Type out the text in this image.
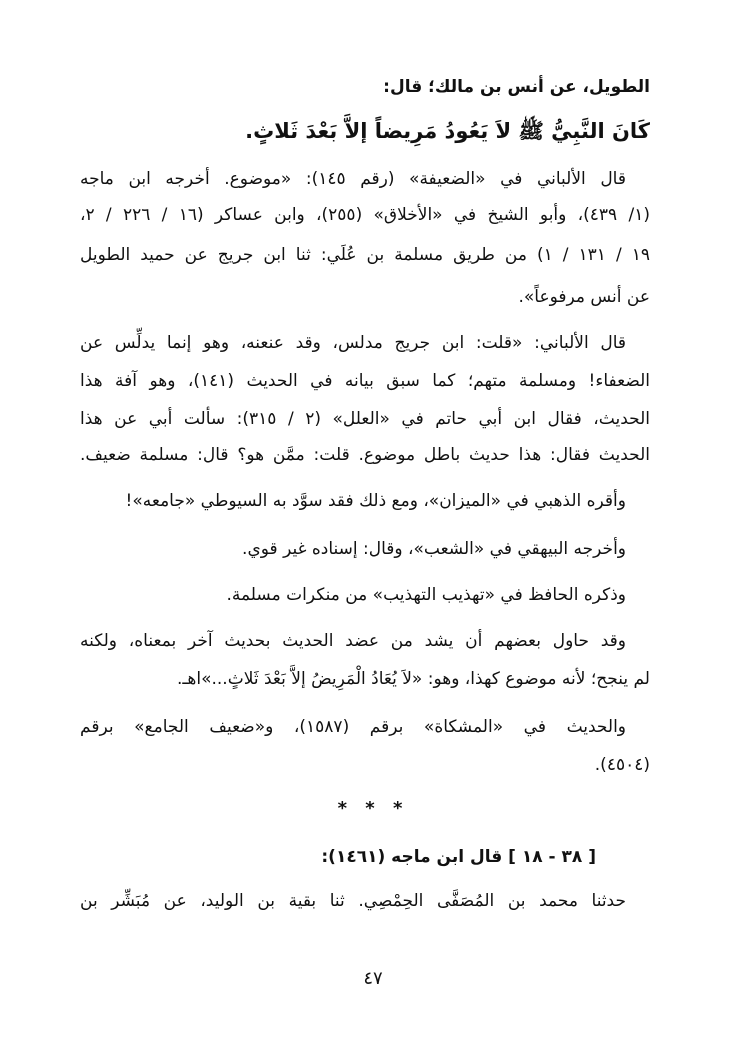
الطويل، عن أنس بن مالك؛ قال:
كَانَ النَّبِيُّ ﷺ لاَ يَعُودُ مَرِيضاً إلاَّ بَعْدَ ثَلاثٍ.
قال الألباني في «الضعيفة» (رقم ١٤٥): «موضوع. أخرجه ابن ماجه
(١/ ٤٣٩)، وأبو الشيخ في «الأخلاق» (٢٥٥)، وابن عساكر (١٦ / ٢٢٦ / ٢،
١٩ / ١٣١ / ١) من طريق مسلمة بن عُلَي: ثنا ابن جريج عن حميد الطويل
عن أنس مرفوعاً».
قال الألباني: «قلت: ابن جريج مدلس، وقد عنعنه، وهو إنما يدلِّس عن
الضعفاء! ومسلمة متهم؛ كما سبق بيانه في الحديث (١٤١)، وهو آفة هذا
الحديث، فقال ابن أبي حاتم في «العلل» (٢ / ٣١٥): سألت أبي عن هذا
الحديث فقال: هذا حديث باطل موضوع. قلت: ممَّن هو؟ قال: مسلمة ضعيف.
وأقره الذهبي في «الميزان»، ومع ذلك فقد سوَّد به السيوطي «جامعه»!
وأخرجه البيهقي في «الشعب»، وقال: إسناده غير قوي.
وذكره الحافظ في «تهذيب التهذيب» من منكرات مسلمة.
وقد حاول بعضهم أن يشد من عضد الحديث بحديث آخر بمعناه، ولكنه
لم ينجح؛ لأنه موضوع كهذا، وهو: «لاَ يُعَادُ الْمَرِيضُ إلاَّ بَعْدَ ثَلاثٍ...»اهـ.
والحديث في «المشكاة» برقم (١٥٨٧)، و«ضعيف الجامع» برقم
(٤٥٠٤).
* * *
[ ٣٨ - ١٨ ] قال ابن ماجه (١٤٦١):
حدثنا محمد بن المُصَفَّى الحِمْصِي. ثنا بقية بن الوليد، عن مُبَشِّر بن
٤٧
